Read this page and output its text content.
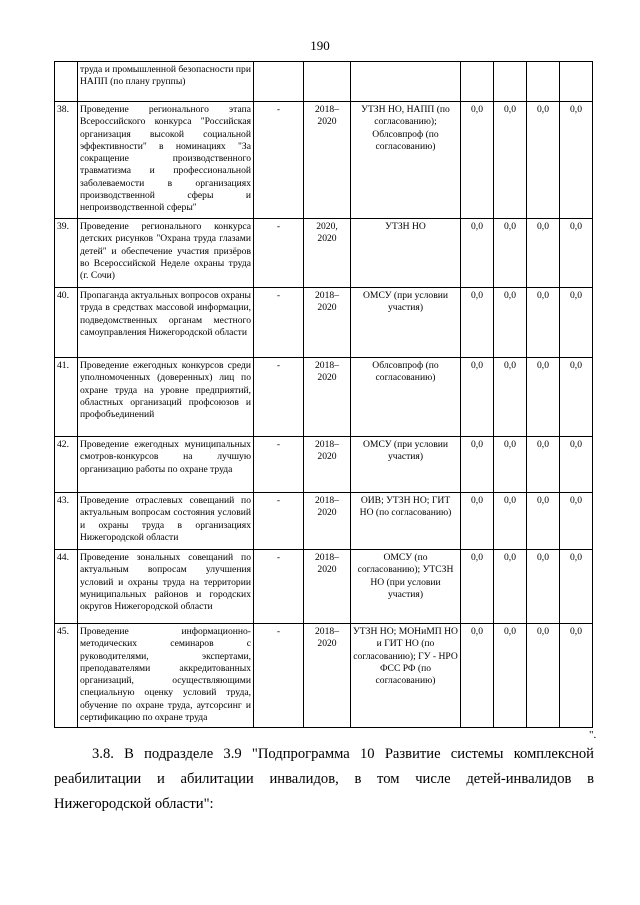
190
	труда и промышленной безопасности при НАПП (по плану группы)							
38.	Проведение регионального этапа Всероссийского конкурса "Российская организация высокой социальной эффективности" в номинациях "За сокращение производственного травматизма и профессиональной заболеваемости в организациях производственной сферы и непроизводственной сферы"	-	2018–2020	УТЗН НО, НАПП (по согласованию); Облсовпроф (по согласованию)	0,0	0,0	0,0	0,0
39.	Проведение регионального конкурса детских рисунков "Охрана труда глазами детей" и обеспечение участия призёров во Всероссийской Неделе охраны труда (г. Сочи)	-	2020, 2020	УТЗН НО	0,0	0,0	0,0	0,0
40.	Пропаганда актуальных вопросов охраны труда в средствах массовой информации, подведомственных органам местного самоуправления Нижегородской области	-	2018–2020	ОМСУ (при условии участия)	0,0	0,0	0,0	0,0
41.	Проведение ежегодных конкурсов среди уполномоченных (доверенных) лиц по охране труда на уровне предприятий, областных организаций профсоюзов и профобъединений	-	2018–2020	Облсовпроф (по согласованию)	0,0	0,0	0,0	0,0
42.	Проведение ежегодных муниципальных смотров-конкурсов на лучшую организацию работы по охране труда	-	2018–2020	ОМСУ (при условии участия)	0,0	0,0	0,0	0,0
43.	Проведение отраслевых совещаний по актуальным вопросам состояния условий и охраны труда в организациях Нижегородской области	-	2018–2020	ОИВ; УТЗН НО; ГИТ НО (по согласованию)	0,0	0,0	0,0	0,0
44.	Проведение зональных совещаний по актуальным вопросам улучшения условий и охраны труда на территории муниципальных районов и городских округов Нижегородской области	-	2018–2020	ОМСУ (по согласованию); УТСЗН НО (при условии участия)	0,0	0,0	0,0	0,0
45.	Проведение информационно-методических семинаров с руководителями, экспертами, преподавателями аккредитованных организаций, осуществляющими специальную оценку условий труда, обучение по охране труда, аутсорсинг и сертификацию по охране труда	-	2018–2020	УТЗН НО; МОНиМП НО и ГИТ НО (по согласованию); ГУ - НРО ФСС РФ (по согласованию)	0,0	0,0	0,0	0,0
".
3.8. В подразделе 3.9 "Подпрограмма 10 Развитие системы комплексной реабилитации и абилитации инвалидов, в том числе детей-инвалидов в Нижегородской области":
